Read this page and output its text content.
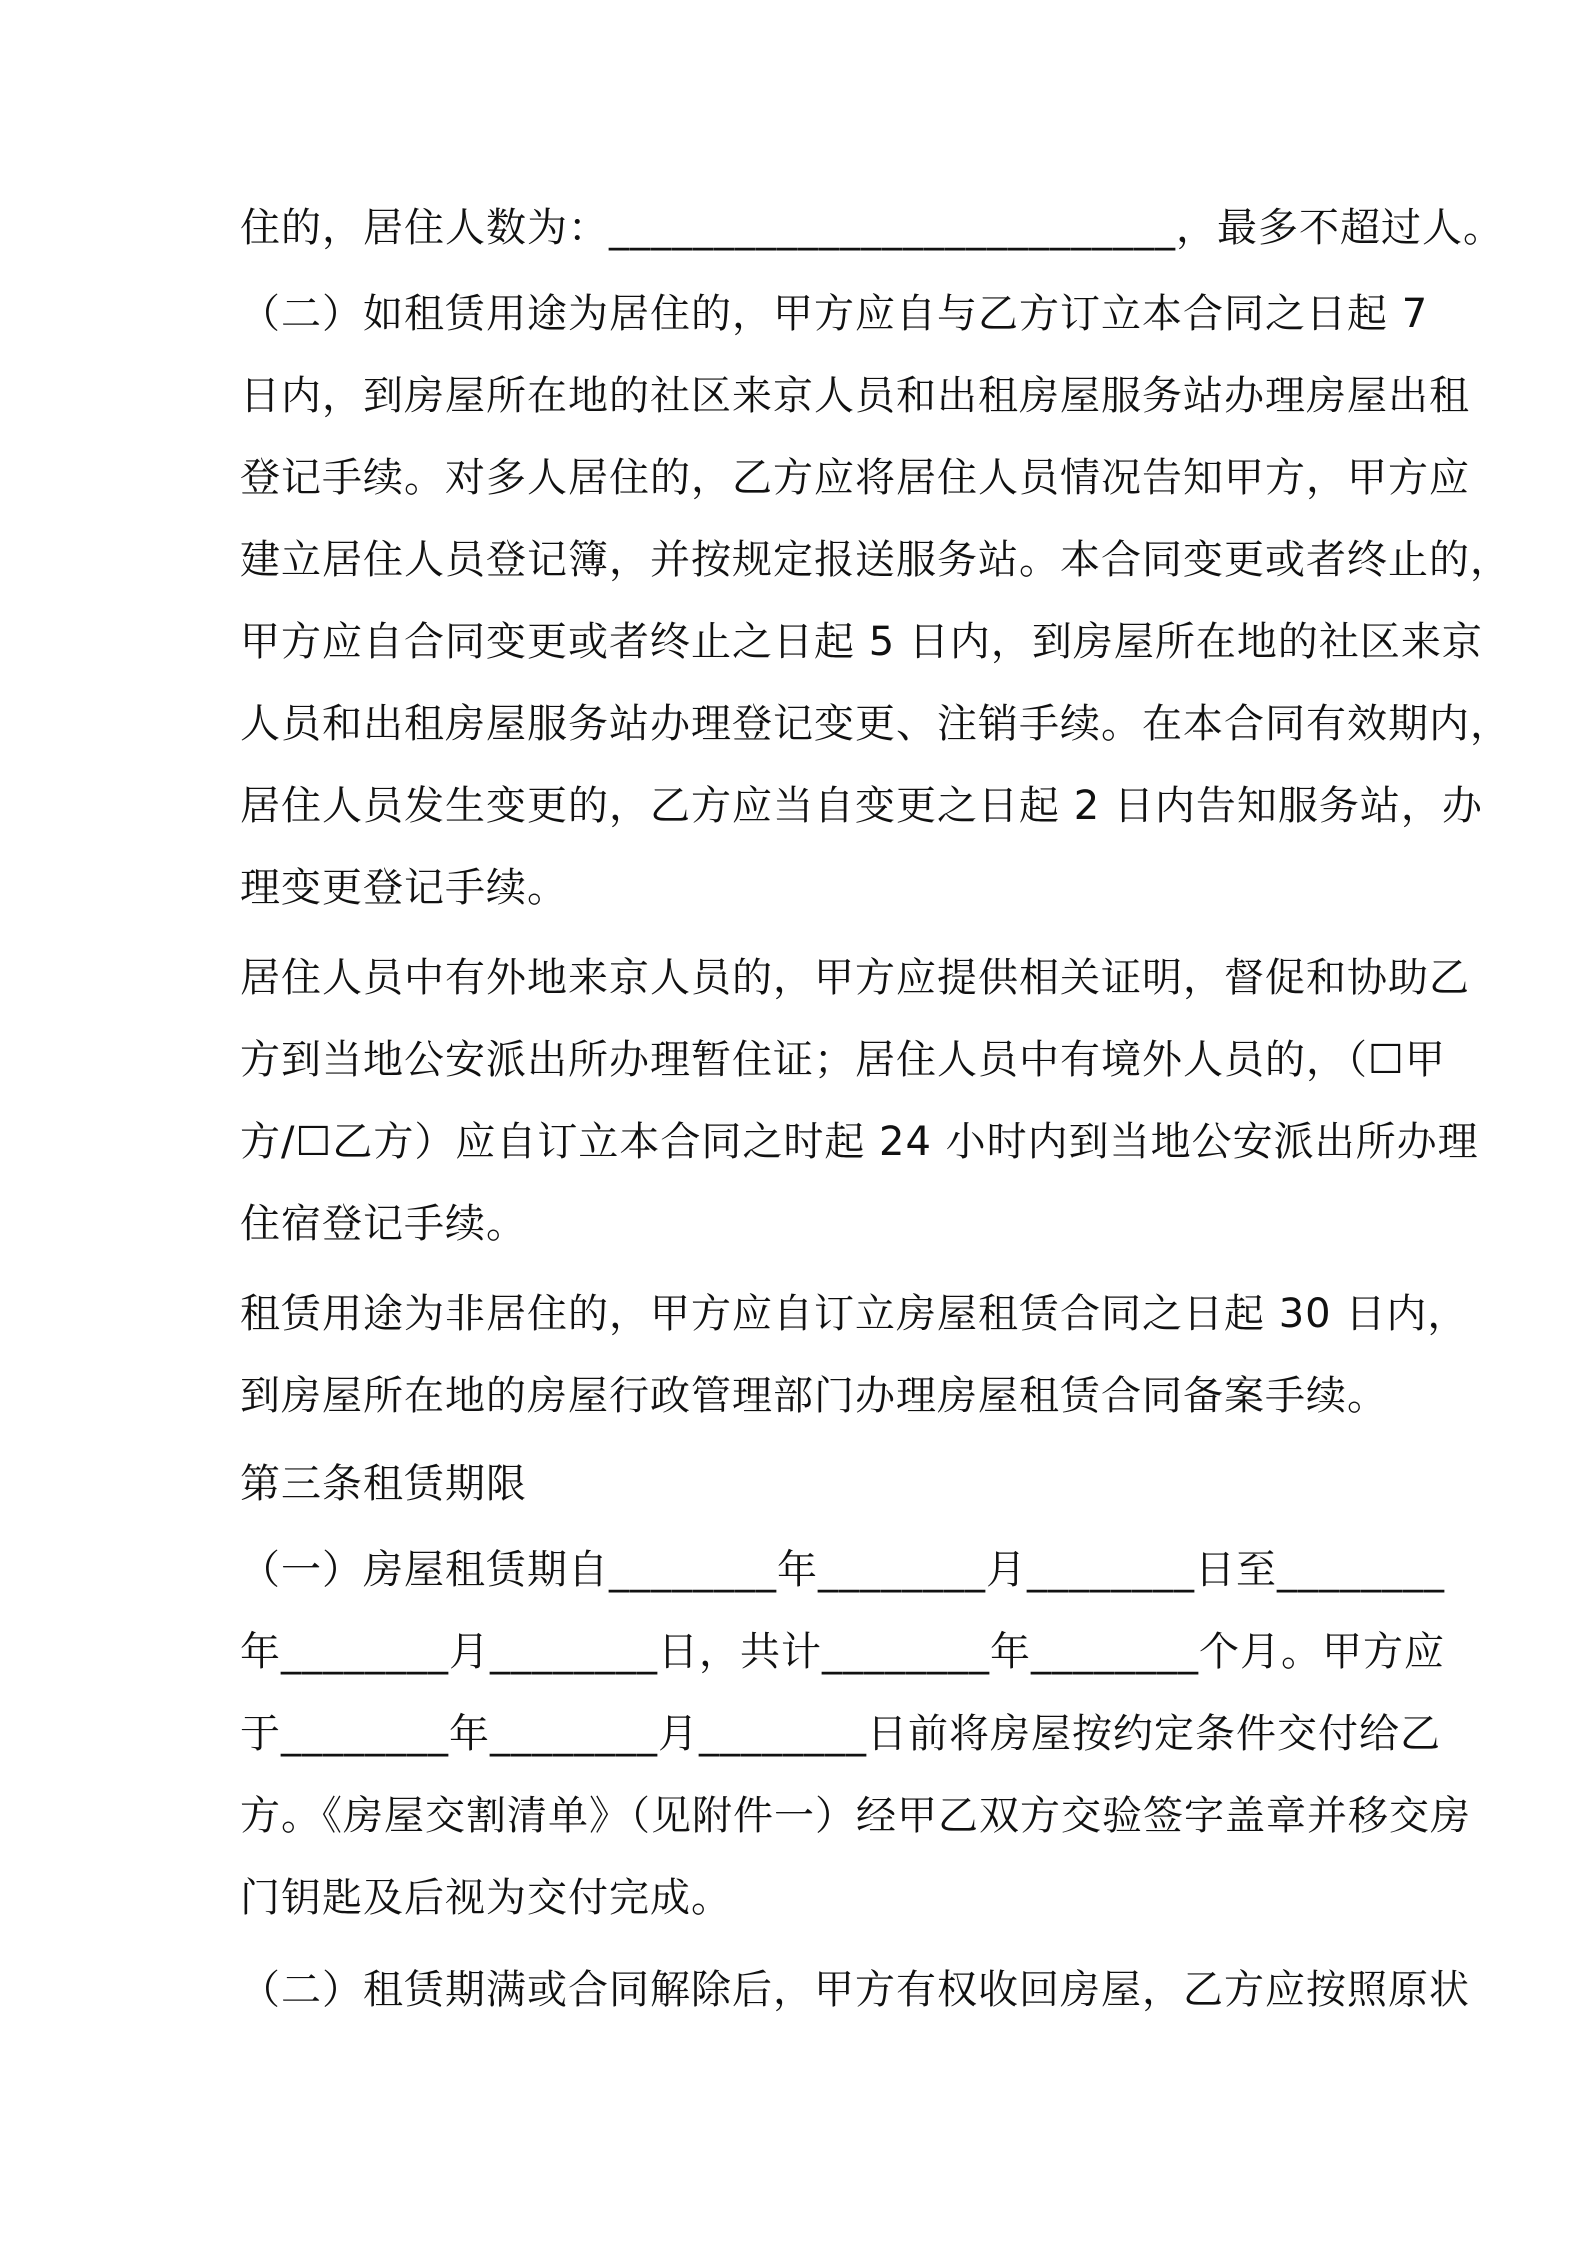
住的，居住人数为：___________________________，最多不超过人。
（二）如租赁用途为居住的，甲方应自与乙方订立本合同之日起 7
日内，到房屋所在地的社区来京人员和出租房屋服务站办理房屋出租
登记手续。对多人居住的，乙方应将居住人员情况告知甲方，甲方应
建立居住人员登记簿，并按规定报送服务站。本合同变更或者终止的，
甲方应自合同变更或者终止之日起 5 日内，到房屋所在地的社区来京
人员和出租房屋服务站办理登记变更、注销手续。在本合同有效期内，
居住人员发生变更的，乙方应当自变更之日起 2 日内告知服务站，办
理变更登记手续。
居住人员中有外地来京人员的，甲方应提供相关证明，督促和协助乙
方到当地公安派出所办理暂住证；居住人员中有境外人员的，（☐甲
方/☐乙方）应自订立本合同之时起 24 小时内到当地公安派出所办理
住宿登记手续。
租赁用途为非居住的，甲方应自订立房屋租赁合同之日起 30 日内，
到房屋所在地的房屋行政管理部门办理房屋租赁合同备案手续。
第三条租赁期限
（一）房屋租赁期自________年________月________日至________
年________月________日，共计________年________个月。甲方应
于________年________月________日前将房屋按约定条件交付给乙
方。《房屋交割清单》（见附件一）经甲乙双方交验签字盖章并移交房
门钥匙及后视为交付完成。
（二）租赁期满或合同解除后，甲方有权收回房屋，乙方应按照原状
